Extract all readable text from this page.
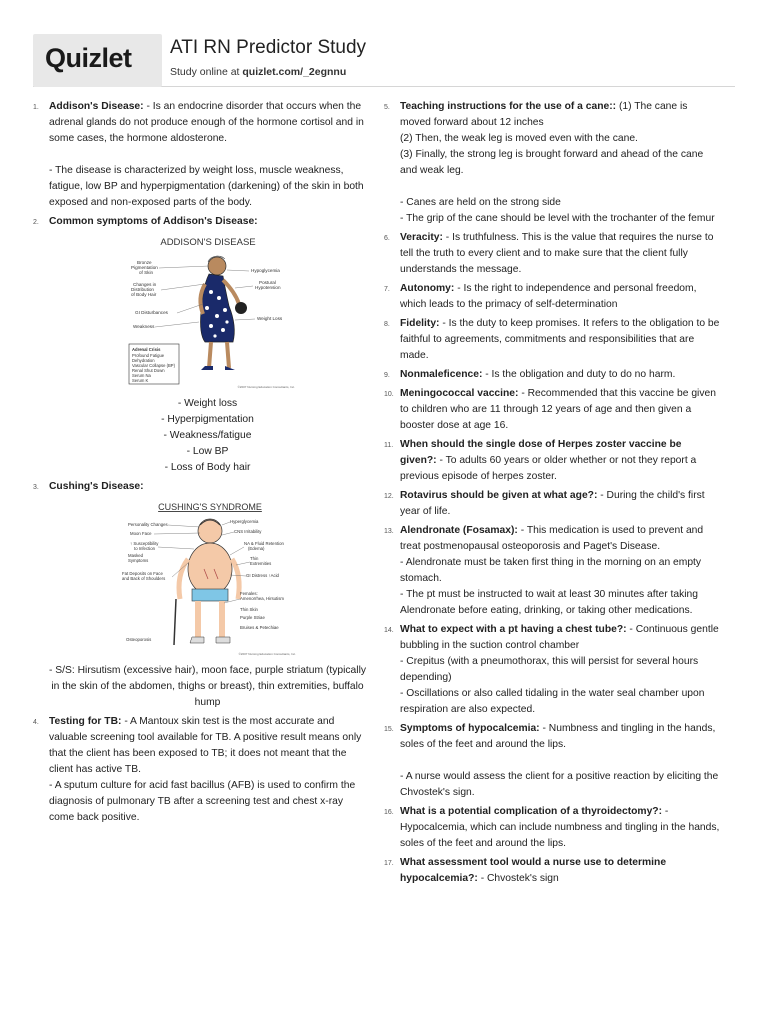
Quizlet ATI RN Predictor Study
Study online at quizlet.com/_2egnnu
1. Addison's Disease: - Is an endocrine disorder that occurs when the adrenal glands do not produce enough of the hormone cortisol and in some cases, the hormone aldosterone.
- The disease is characterized by weight loss, muscle weakness, fatigue, low BP and hyperpigmentation (darkening) of the skin in both exposed and non-exposed parts of the body.
2. Common symptoms of Addison's Disease:
ADDISON'S DISEASE
Bronze
Pigmentation
of Skin
Changes in
Distribution
of Body Hair
GI Disturbances
Weakness
Hypoglycemia
Postural
Hypotension
Weight Loss
Adrenal Crisis
Profound Fatigue
Dehydration
Vascular Collapse (BP)
Renal Shut Down
Serum Na
Serum K
©2007 Nursing Education Consultants, Inc.
- Weight loss
- Hyperpigmentation
- Weakness/fatigue
- Low BP
- Loss of Body hair
3. Cushing's Disease:
CUSHING'S SYNDROME
Personality Changes
Moon Face
↑ Susceptibility
to Infection
Masked
Symptoms
Fat Deposits on Face
and Back of Shoulders
Osteoporosis
Hyperglycemia
CNS Irritability
NA & Fluid Retention
(Edema)
Thin
Extremities
GI Distress ↑Acid
Females:
Amenorrhea, Hirsutism
Thin Skin
Purple Striae
Bruises & Petechiae
©2007 Nursing Education Consultants, Inc.
- S/S: Hirsutism (excessive hair), moon face, purple striatum (typically in the skin of the abdomen, thighs or breast), thin extremities, buffalo hump
4. Testing for TB: - A Mantoux skin test is the most accurate and valuable screening tool available for TB. A positive result means only that the client has been exposed to TB; it does not meant that the client has active TB.
- A sputum culture for acid fast bacillus (AFB) is used to confirm the diagnosis of pulmonary TB after a screening test and chest x-ray come back positive.
5. Teaching instructions for the use of a cane:: (1) The cane is moved forward about 12 inches
(2) Then, the weak leg is moved even with the cane.
(3) Finally, the strong leg is brought forward and ahead of the cane and weak leg.
- Canes are held on the strong side
- The grip of the cane should be level with the trochanter of the femur
6. Veracity: - Is truthfulness. This is the value that requires the nurse to tell the truth to every client and to make sure that the client fully understands the message.
7. Autonomy: - Is the right to independence and personal freedom, which leads to the primacy of self-determination
8. Fidelity: - Is the duty to keep promises. It refers to the obligation to be faithful to agreements, commitments and responsibilities that are made.
9. Nonmaleficence: - Is the obligation and duty to do no harm.
10. Meningococcal vaccine: - Recommended that this vaccine be given to children who are 11 through 12 years of age and then given a booster dose at age 16.
11. When should the single dose of Herpes zoster vaccine be given?: - To adults 60 years or older whether or not they report a previous episode of herpes zoster.
12. Rotavirus should be given at what age?: - During the child's first year of life.
13. Alendronate (Fosamax): - This medication is used to prevent and treat postmenopausal osteoporosis and Paget's Disease.
- Alendronate must be taken first thing in the morning on an empty stomach.
- The pt must be instructed to wait at least 30 minutes after taking Alendronate before eating, drinking, or taking other medications.
14. What to expect with a pt having a chest tube?: - Continuous gentle bubbling in the suction control chamber
- Crepitus (with a pneumothorax, this will persist for several hours depending)
- Oscillations or also called tidaling in the water seal chamber upon respiration are also expected.
15. Symptoms of hypocalcemia: - Numbness and tingling in the hands, soles of the feet and around the lips.
- A nurse would assess the client for a positive reaction by eliciting the Chvostek's sign.
16. What is a potential complication of a thyroidectomy?: - Hypocalcemia, which can include numbness and tingling in the hands, soles of the feet and around the lips.
17. What assessment tool would a nurse use to determine hypocalcemia?: - Chvostek's sign
